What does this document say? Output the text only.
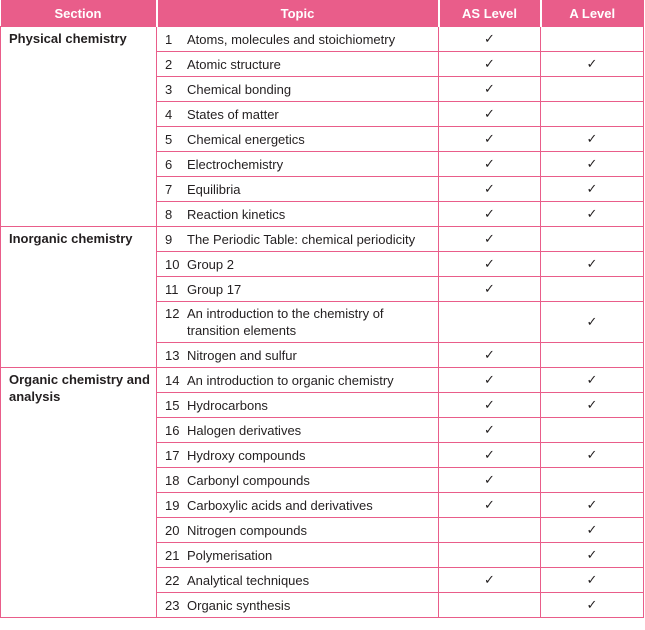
Section	Topic	AS Level	A Level
Physical chemistry	1 Atoms, molecules and stoichiometry	✓	

	2 Atomic structure	✓	✓

	3 Chemical bonding	✓	

	4 States of matter	✓	

	5 Chemical energetics	✓	✓

	6 Electrochemistry	✓	✓

	7 Equilibria	✓	✓

	8 Reaction kinetics	✓	✓
Inorganic chemistry	9 The Periodic Table: chemical periodicity	✓	

	10 Group 2	✓	✓

	11 Group 17	✓	

	12 An introduction to the chemistry of transition elements		✓

	13 Nitrogen and sulfur	✓	
Organic chemistry and analysis	14 An introduction to organic chemistry	✓	✓

	15 Hydrocarbons	✓	✓

	16 Halogen derivatives	✓	

	17 Hydroxy compounds	✓	✓

	18 Carbonyl compounds	✓	

	19 Carboxylic acids and derivatives	✓	✓

	20 Nitrogen compounds		✓

	21 Polymerisation		✓

	22 Analytical techniques	✓	✓

	23 Organic synthesis		✓
